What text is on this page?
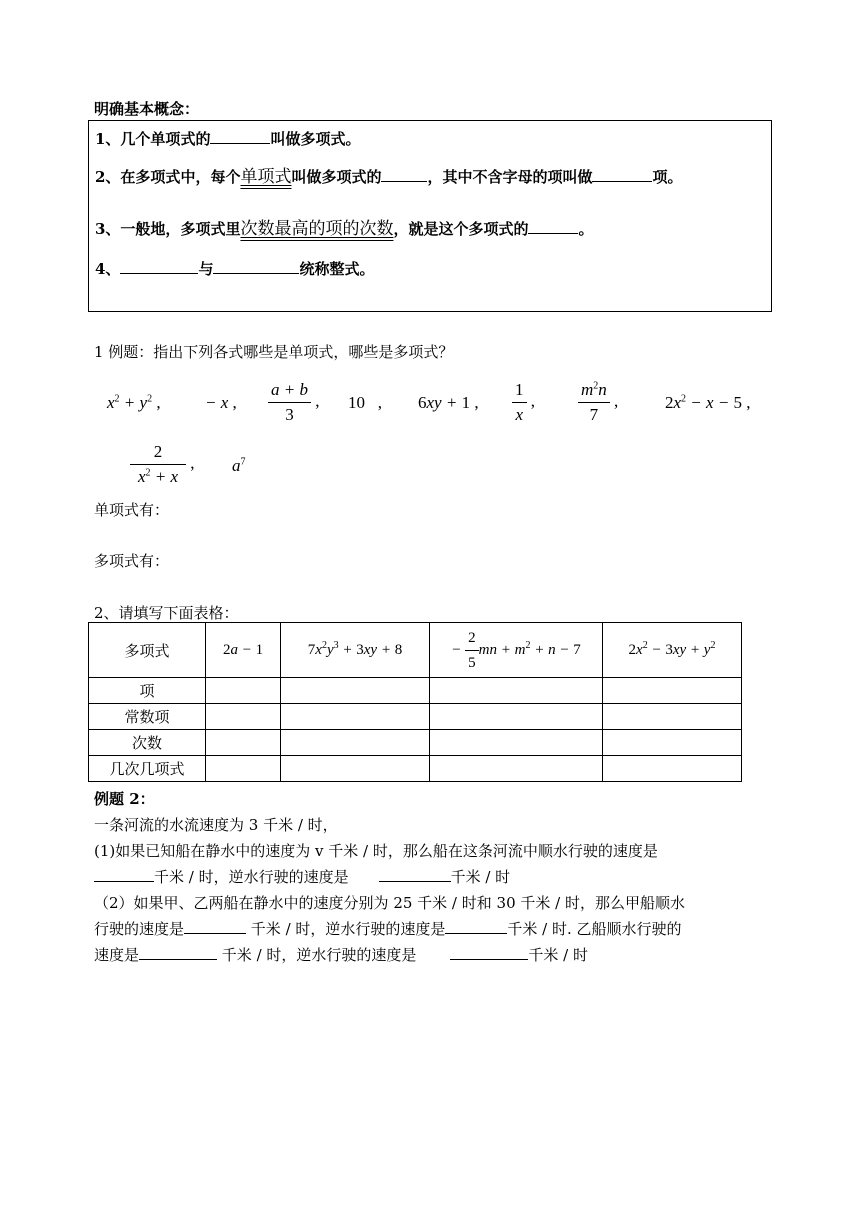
明确基本概念：
1、几个单项式的	叫做多项式。
2、在多项式中，每个单项式叫做多项式的	，其中不含字母的项叫做	项。
3、一般地，多项式里次数最高的项的次数，就是这个多项式的	。
4、	与	统称整式。
1 例题：指出下列各式哪些是单项式，哪些是多项式？
$x^2 + y^2$ ,	− x , $\frac{a + b}{3}$ , 10   , 6xy + 1 , $\frac{1}{x}$ ,	$\frac{m^2n}{7}$ ,	$2x^2 - x - 5$ ,
$\frac{2}{x^2 + x}$ , $a^7$
单项式有：
多项式有：
2、请填写下面表格：
多项式	2a − 1	$7x^2y^3 + 3xy + 8$	− $\frac{2}{5}$ mn + $m^2 + n - 7$	$2x^2 - 3xy + y^2$
项				
常数项				
次数				
几次几项式				
例题 2：
一条河流的水流速度为 3 千米 / 时，
(1)如果已知船在静水中的速度为 v 千米 / 时，那么船在这条河流中顺水行驶的速度是
千米 / 时，逆水行驶的速度是	千米 / 时
（2）如果甲、乙两船在静水中的速度分别为 25 千米 / 时和 30 千米 / 时，那么甲船顺水
行驶的速度是	千米 / 时，逆水行驶的速度是	千米 / 时. 乙船顺水行驶的
速度是	千米 / 时，逆水行驶的速度是	千米 / 时
